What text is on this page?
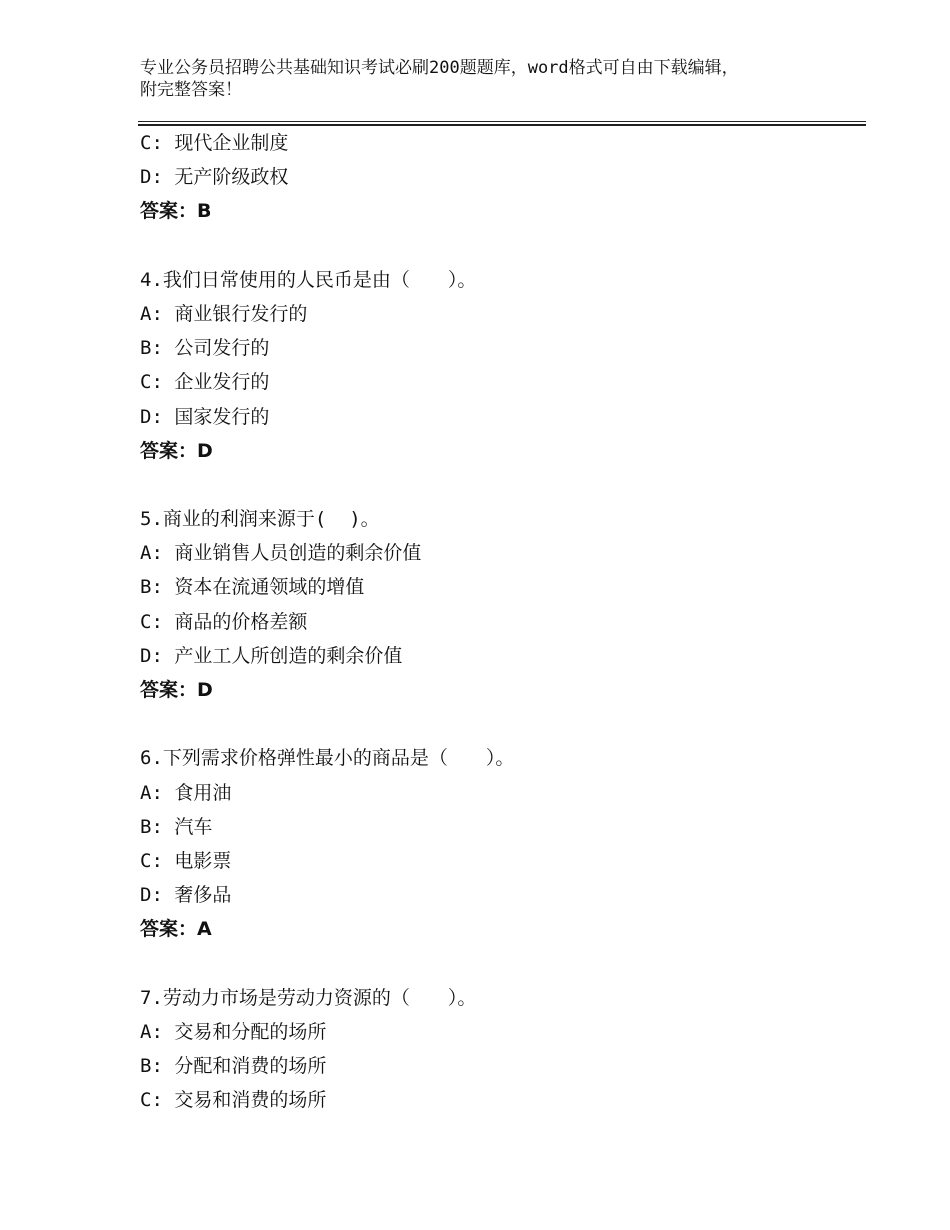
专业公务员招聘公共基础知识考试必刷200题题库，word格式可自由下载编辑，
附完整答案！
C: 现代企业制度
D: 无产阶级政权
答案：B
4.我们日常使用的人民币是由（　　）。
A: 商业银行发行的
B: 公司发行的
C: 企业发行的
D: 国家发行的
答案：D
5.商业的利润来源于(  )。
A: 商业销售人员创造的剩余价值
B: 资本在流通领域的增值
C: 商品的价格差额
D: 产业工人所创造的剩余价值
答案：D
6.下列需求价格弹性最小的商品是（　　）。
A: 食用油
B: 汽车
C: 电影票
D: 奢侈品
答案：A
7.劳动力市场是劳动力资源的（　　）。
A: 交易和分配的场所
B: 分配和消费的场所
C: 交易和消费的场所
